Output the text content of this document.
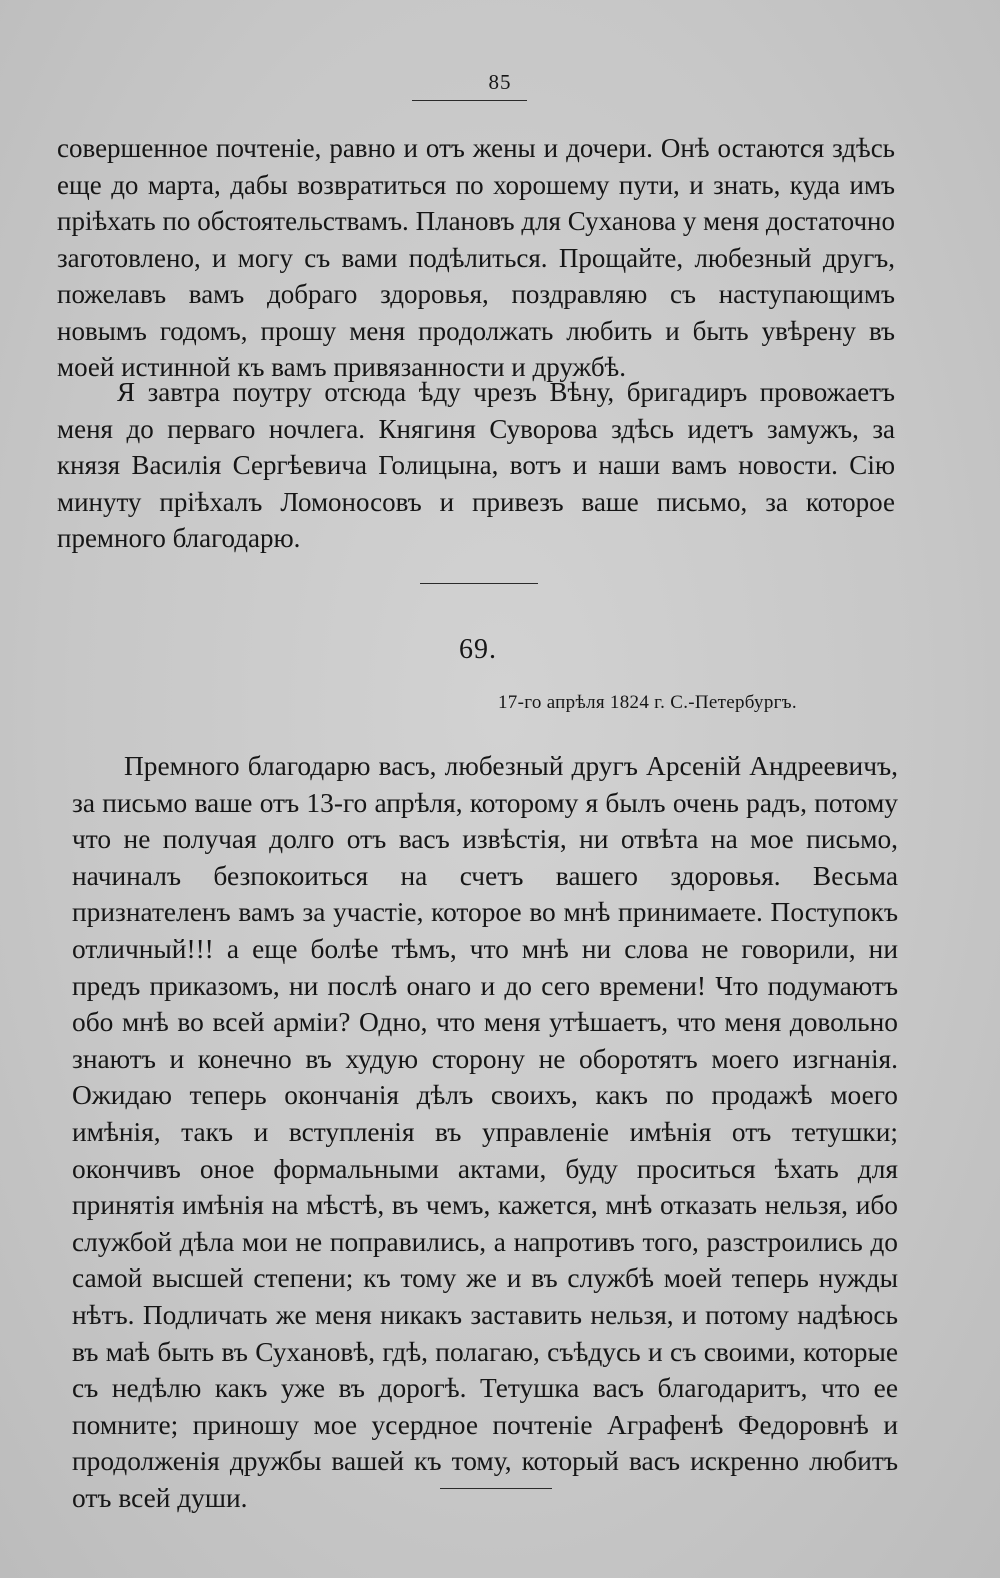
85

совершенное почтеніе, равно и отъ жены и дочери. Онѣ остаются здѣсь еще до марта, дабы возвратиться по хорошему пути, и знать, куда имъ пріѣхать по обстоятельствамъ. Плановъ для Суханова у меня достаточно заготовлено, и могу съ вами подѣлиться. Прощайте, любезный другъ, пожелавъ вамъ добраго здоровья, поздравляю съ наступающимъ новымъ годомъ, прошу меня продолжать любить и быть увѣрену въ моей истинной къ вамъ привязанности и дружбѣ.

Я завтра поутру отсюда ѣду чрезъ Вѣну, бригадиръ провожаетъ меня до перваго ночлега. Княгиня Суворова здѣсь идетъ замужъ, за князя Василія Сергѣевича Голицына, вотъ и наши вамъ новости. Сію минуту пріѣхалъ Ломоносовъ и привезъ ваше письмо, за которое премного благодарю.

69.
17-го апрѣля 1824 г. С.-Петербургъ.

Премного благодарю васъ, любезный другъ Арсеній Андреевичъ, за письмо ваше отъ 13-го апрѣля, которому я былъ очень радъ, потому что не получая долго отъ васъ извѣстія, ни отвѣта на мое письмо, начиналъ безпокоиться на счетъ вашего здоровья. Весьма признателенъ вамъ за участіе, которое во мнѣ принимаете. Поступокъ отличный!!! а еще болѣе тѣмъ, что мнѣ ни слова не говорили, ни предъ приказомъ, ни послѣ онаго и до сего времени! Что подумаютъ обо мнѣ во всей арміи? Одно, что меня утѣшаетъ, что меня довольно знаютъ и конечно въ худую сторону не оборотятъ моего изгнанія. Ожидаю теперь окончанія дѣлъ своихъ, какъ по продажѣ моего имѣнія, такъ и вступленія въ управленіе имѣнія отъ тетушки; окончивъ оное формальными актами, буду проситься ѣхать для принятія имѣнія на мѣстѣ, въ чемъ, кажется, мнѣ отказать нельзя, ибо службой дѣла мои не поправились, а напротивъ того, разстроились до самой высшей степени; къ тому же и въ службѣ моей теперь нужды нѣтъ. Подличать же меня никакъ заставить нельзя, и потому надѣюсь въ маѣ быть въ Сухановѣ, гдѣ, полагаю, съѣдусь и съ своими, которые съ недѣлю какъ уже въ дорогѣ. Тетушка васъ благодаритъ, что ее помните; приношу мое усердное почтеніе Аграфенѣ Федоровнѣ и продолженія дружбы вашей къ тому, который васъ искренно любитъ отъ всей души.
